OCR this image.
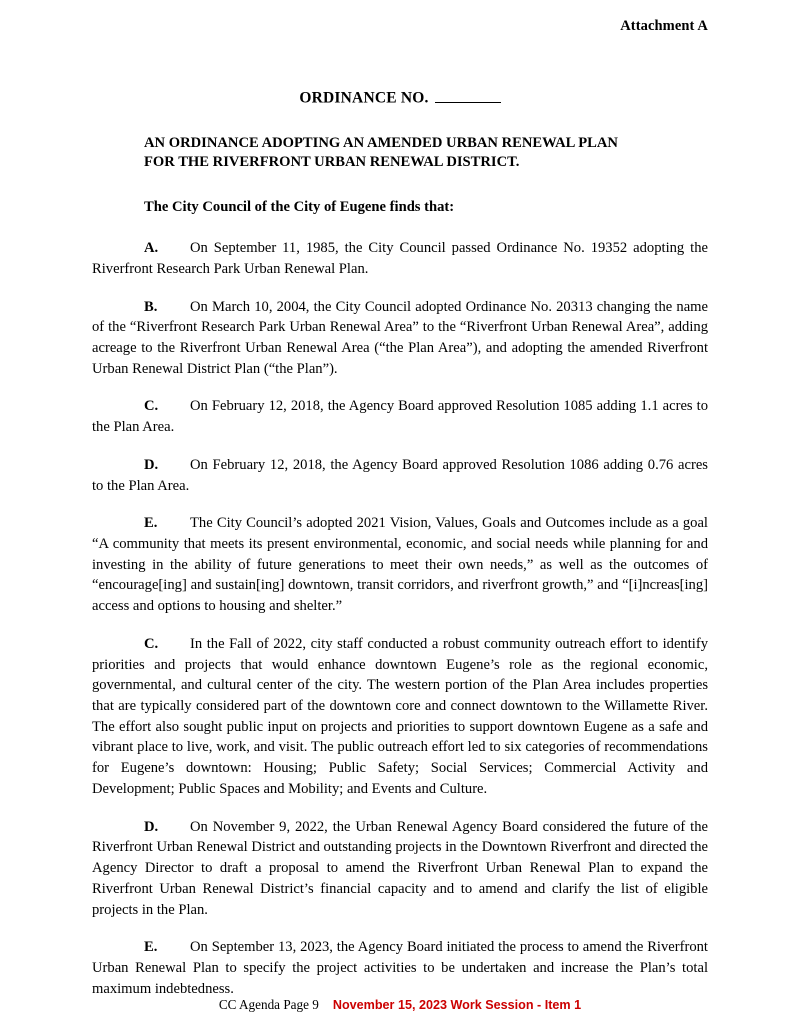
Attachment A
ORDINANCE NO.
AN ORDINANCE ADOPTING AN AMENDED URBAN RENEWAL PLAN
FOR THE RIVERFRONT URBAN RENEWAL DISTRICT.
The City Council of the City of Eugene finds that:

A. On September 11, 1985, the City Council passed Ordinance No. 19352 adopting the Riverfront Research Park Urban Renewal Plan.

B. On March 10, 2004, the City Council adopted Ordinance No. 20313 changing the name of the “Riverfront Research Park Urban Renewal Area” to the “Riverfront Urban Renewal Area”, adding acreage to the Riverfront Urban Renewal Area (“the Plan Area”), and adopting the amended Riverfront Urban Renewal District Plan (“the Plan”).

C. On February 12, 2018, the Agency Board approved Resolution 1085 adding 1.1 acres to the Plan Area.

D. On February 12, 2018, the Agency Board approved Resolution 1086 adding 0.76 acres to the Plan Area.

E. The City Council’s adopted 2021 Vision, Values, Goals and Outcomes include as a goal “A community that meets its present environmental, economic, and social needs while planning for and investing in the ability of future generations to meet their own needs,” as well as the outcomes of “encourage[ing] and sustain[ing] downtown, transit corridors, and riverfront growth,” and “[i]ncreas[ing] access and options to housing and shelter.”

C. In the Fall of 2022, city staff conducted a robust community outreach effort to identify priorities and projects that would enhance downtown Eugene’s role as the regional economic, governmental, and cultural center of the city. The western portion of the Plan Area includes properties that are typically considered part of the downtown core and connect downtown to the Willamette River. The effort also sought public input on projects and priorities to support downtown Eugene as a safe and vibrant place to live, work, and visit. The public outreach effort led to six categories of recommendations for Eugene’s downtown: Housing; Public Safety; Social Services; Commercial Activity and Development; Public Spaces and Mobility; and Events and Culture.

D. On November 9, 2022, the Urban Renewal Agency Board considered the future of the Riverfront Urban Renewal District and outstanding projects in the Downtown Riverfront and directed the Agency Director to draft a proposal to amend the Riverfront Urban Renewal Plan to expand the Riverfront Urban Renewal District’s financial capacity and to amend and clarify the list of eligible projects in the Plan.

E. On September 13, 2023, the Agency Board initiated the process to amend the Riverfront Urban Renewal Plan to specify the project activities to be undertaken and increase the Plan’s total maximum indebtedness.

CC Agenda Page 9 November 15, 2023 Work Session - Item 1
